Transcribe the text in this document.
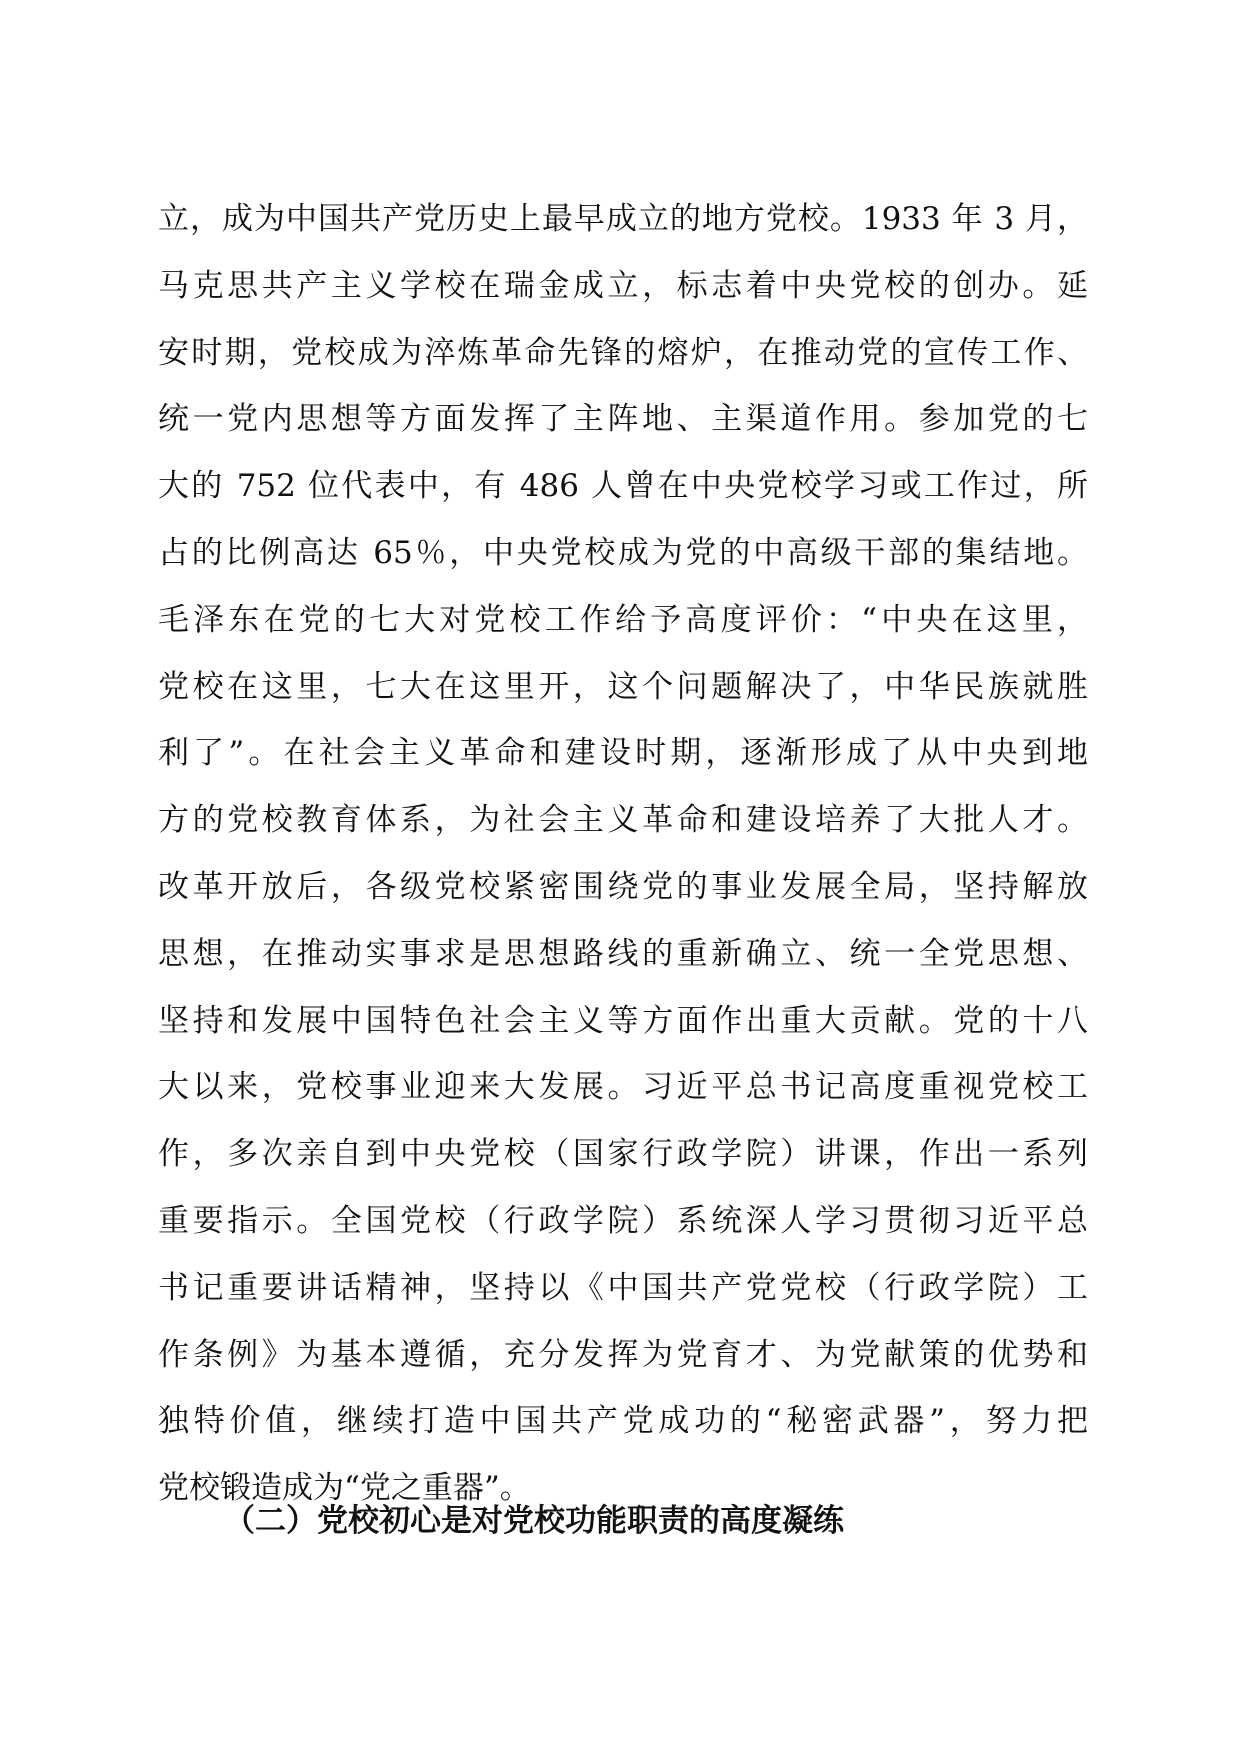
立，成为中国共产党历史上最早成立的地方党校。1933 年 3 月，
马克思共产主义学校在瑞金成立，标志着中央党校的创办。延
安时期，党校成为淬炼革命先锋的熔炉，在推动党的宣传工作、
统一党内思想等方面发挥了主阵地、主渠道作用。参加党的七
大的 752 位代表中，有 486 人曾在中央党校学习或工作过，所
占的比例高达 65％，中央党校成为党的中高级干部的集结地。
毛泽东在党的七大对党校工作给予高度评价：“中央在这里，
党校在这里，七大在这里开，这个问题解决了，中华民族就胜
利了”。在社会主义革命和建设时期，逐渐形成了从中央到地
方的党校教育体系，为社会主义革命和建设培养了大批人才。
改革开放后，各级党校紧密围绕党的事业发展全局，坚持解放
思想，在推动实事求是思想路线的重新确立、统一全党思想、
坚持和发展中国特色社会主义等方面作出重大贡献。党的十八
大以来，党校事业迎来大发展。习近平总书记高度重视党校工
作，多次亲自到中央党校（国家行政学院）讲课，作出一系列
重要指示。全国党校（行政学院）系统深人学习贯彻习近平总
书记重要讲话精神，坚持以《中国共产党党校（行政学院）工
作条例》为基本遵循，充分发挥为党育才、为党献策的优势和
独特价值，继续打造中国共产党成功的“秘密武器”，努力把
党校锻造成为“党之重器”。
（二）党校初心是对党校功能职责的高度凝练
